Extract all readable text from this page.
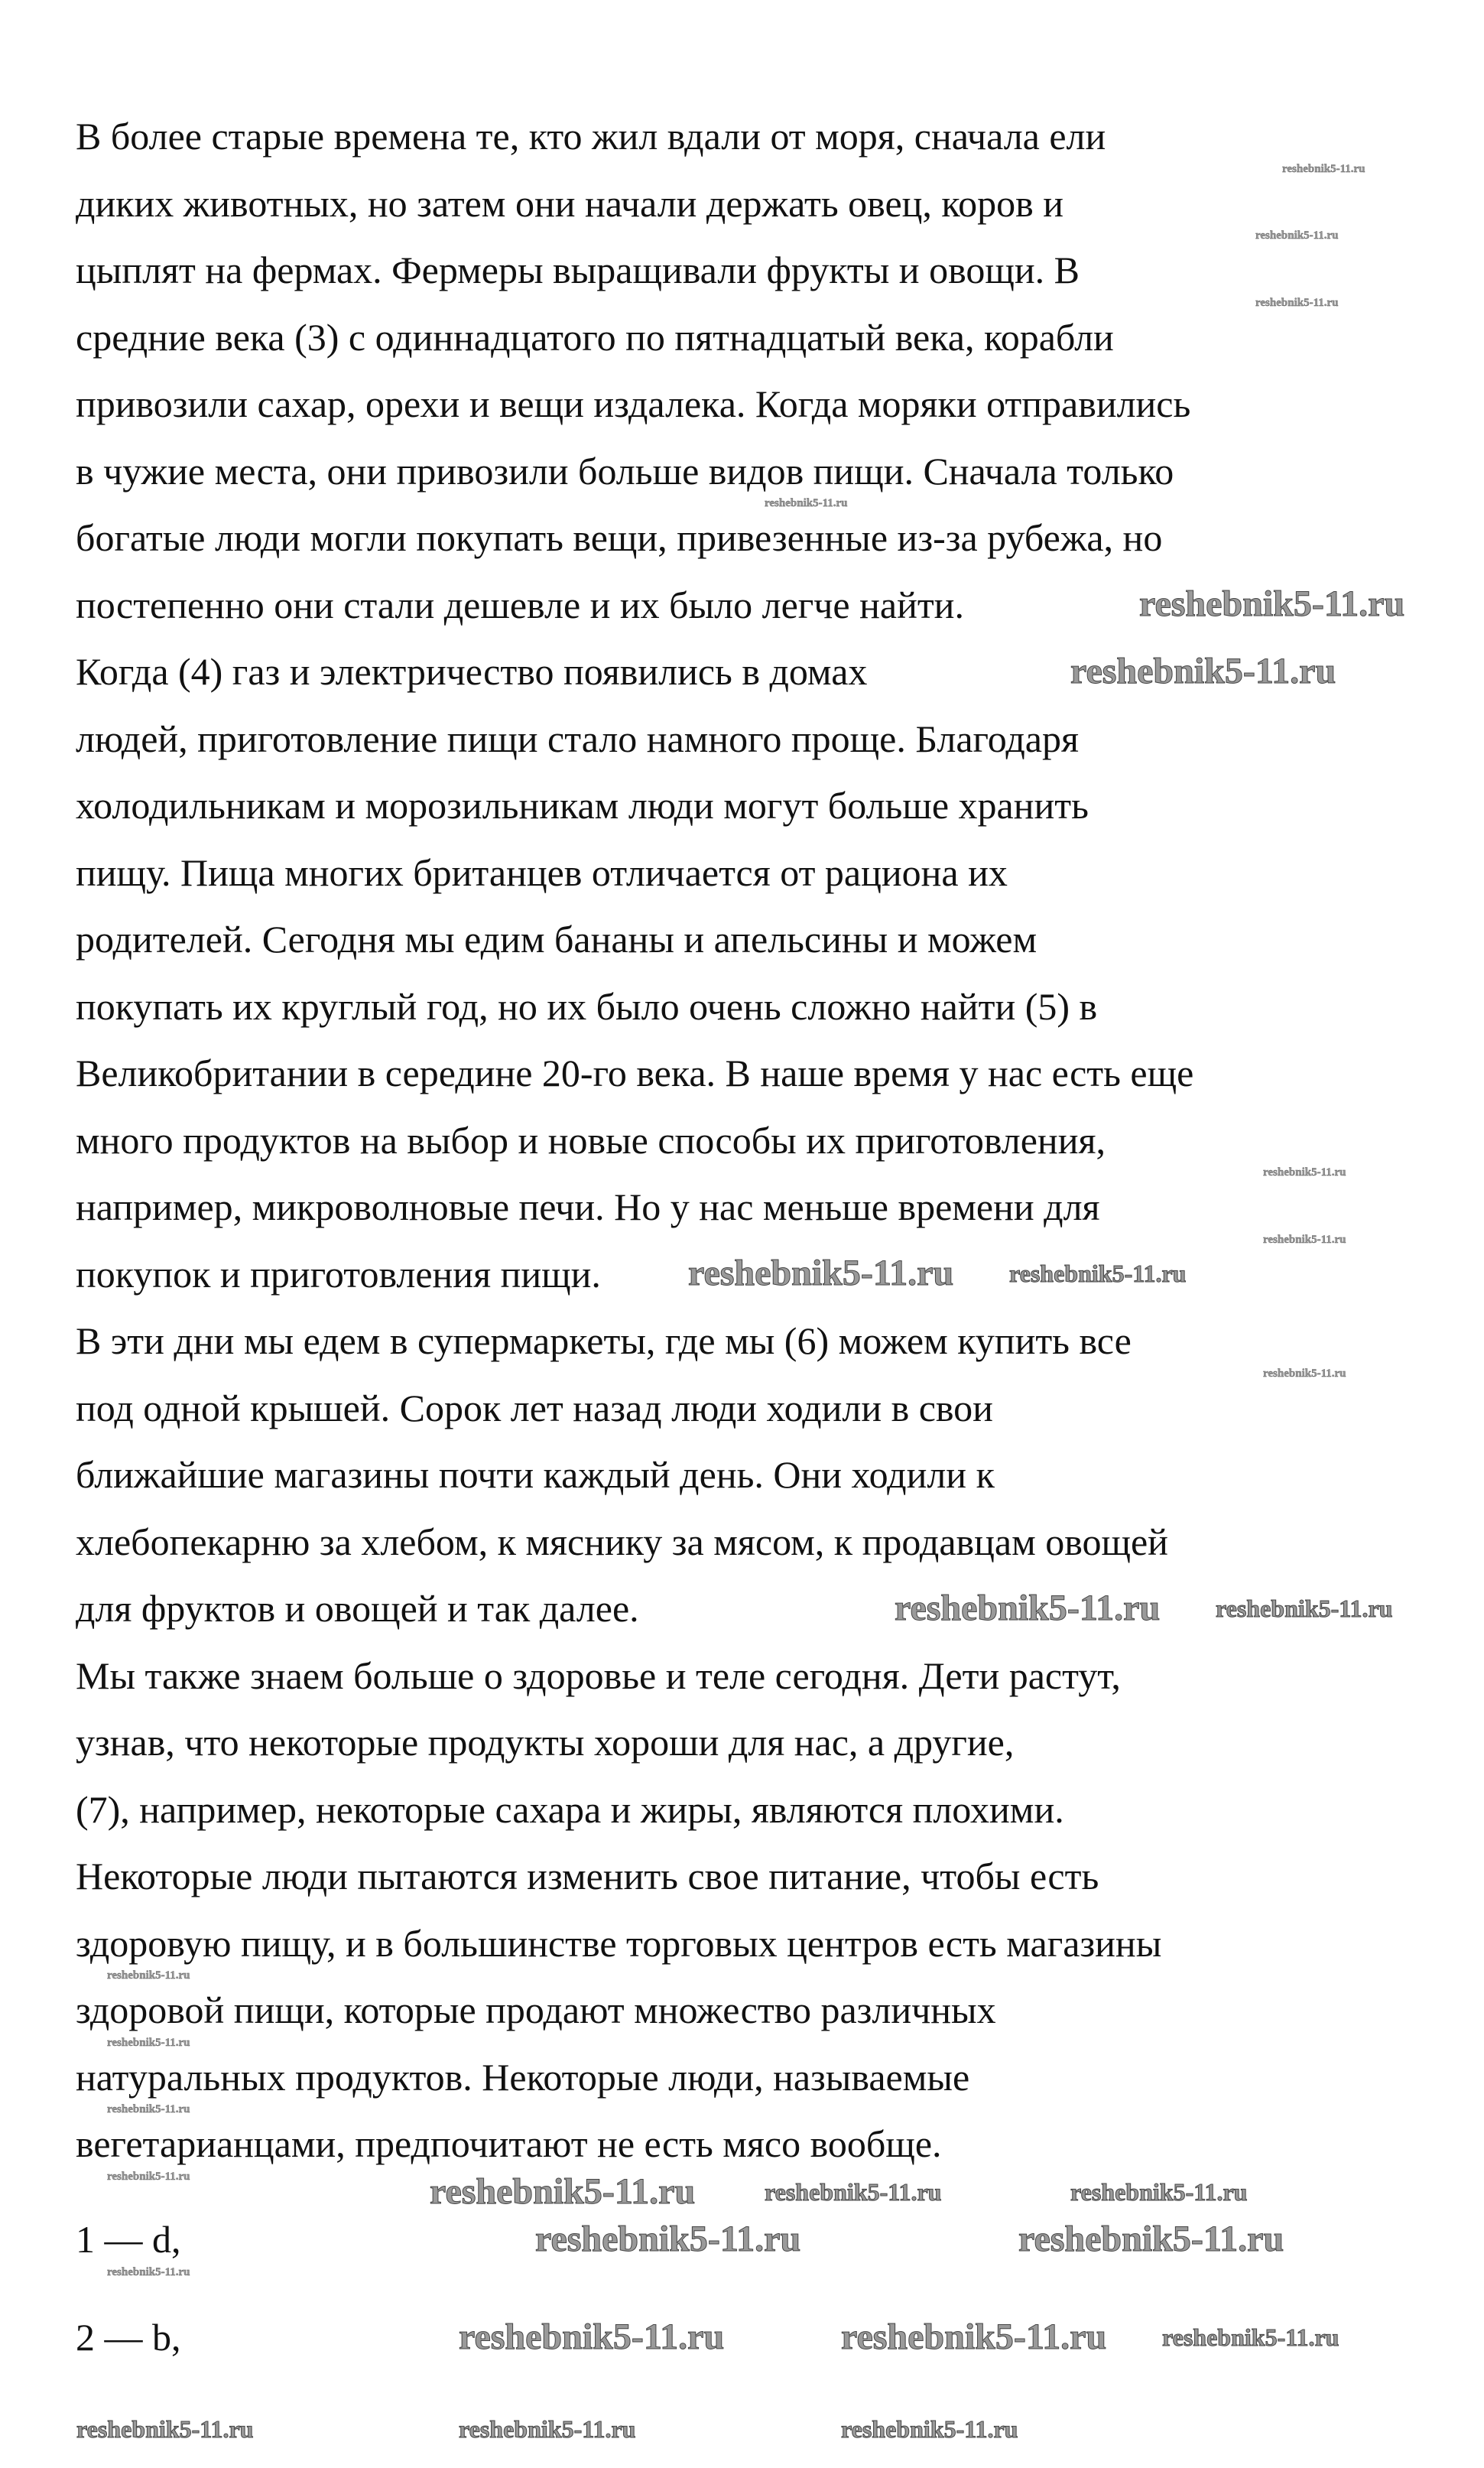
В более старые времена те, кто жил вдали от моря, сначала ели
диких животных, но затем они начали держать овец, коров и
цыплят на фермах. Фермеры выращивали фрукты и овощи. В
средние века (3) с одиннадцатого по пятнадцатый века, корабли
привозили сахар, орехи и вещи издалека. Когда моряки отправились
в чужие места, они привозили больше видов пищи. Сначала только
богатые люди могли покупать вещи, привезенные из-за рубежа, но
постепенно они стали дешевле и их было легче найти.
Когда (4) газ и электричество появились в домах
людей, приготовление пищи стало намного проще. Благодаря
холодильникам и морозильникам люди могут больше хранить
пищу. Пища многих британцев отличается от рациона их
родителей. Сегодня мы едим бананы и апельсины и можем
покупать их круглый год, но их было очень сложно найти (5) в
Великобритании в середине 20-го века. В наше время у нас есть еще
много продуктов на выбор и новые способы их приготовления,
например, микроволновые печи. Но у нас меньше времени для
покупок и приготовления пищи.
В эти дни мы едем в супермаркеты, где мы (6) можем купить все
под одной крышей. Сорок лет назад люди ходили в свои
ближайшие магазины почти каждый день. Они ходили к
хлебопекарню за хлебом, к мяснику за мясом, к продавцам овощей
для фруктов и овощей и так далее.
Мы также знаем больше о здоровье и теле сегодня. Дети растут,
узнав, что некоторые продукты хороши для нас, а другие,
(7), например, некоторые сахара и жиры, являются плохими.
Некоторые люди пытаются изменить свое питание, чтобы есть
здоровую пищу, и в большинстве торговых центров есть магазины
здоровой пищи, которые продают множество различных
натуральных продуктов. Некоторые люди, называемые
вегетарианцами, предпочитают не есть мясо вообще.
1 — d,
2 — b,
reshebnik5-11.ru
reshebnik5-11.ru
reshebnik5-11.ru
reshebnik5-11.ru
reshebnik5-11.ru
reshebnik5-11.ru	reshebnik5-11.ru
reshebnik5-11.ru	reshebnik5-11.ru
reshebnik5-11.ru
reshebnik5-11.ru
reshebnik5-11.ru
reshebnik5-11.ru	reshebnik5-11.ru
reshebnik5-11.ru	reshebnik5-11.ru	reshebnik5-11.ru
reshebnik5-11.ru
reshebnik5-11.ru
reshebnik5-11.ru
reshebnik5-11.ru
reshebnik5-11.ru
reshebnik5-11.ru
reshebnik5-11.ru
reshebnik5-11.ru
reshebnik5-11.ru
reshebnik5-11.ru
reshebnik5-11.ru
reshebnik5-11.ru
